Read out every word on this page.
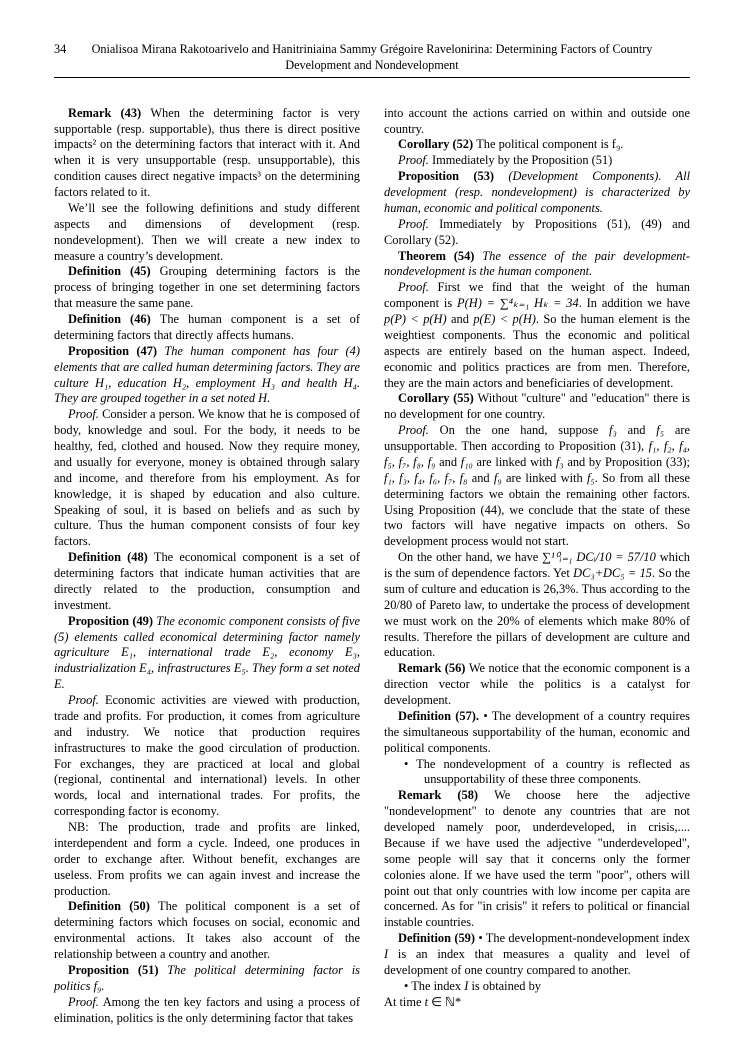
34	Onialisoa Mirana Rakotoarivelo and Hanitriniaina Sammy Grégoire Ravelonirina: Determining Factors of Country
Development and Nondevelopment

Remark (43) When the determining factor is very supportable (resp. supportable), thus there is direct positive impacts² on the determining factors that interact with it. And when it is very unsupportable (resp. unsupportable), this condition causes direct negative impacts³ on the determining factors related to it.

We’ll see the following definitions and study different aspects and dimensions of development (resp. nondevelopment). Then we will create a new index to measure a country’s development.

Definition (45) Grouping determining factors is the process of bringing together in one set determining factors that measure the same pane.

Definition (46) The human component is a set of determining factors that directly affects humans.

Proposition (47) The human component has four (4) elements that are called human determining factors. They are culture H₁, education H₂, employment H₃ and health H₄. They are grouped together in a set noted H.

Proof. Consider a person. We know that he is composed of body, knowledge and soul. For the body, it needs to be healthy, fed, clothed and housed. Now they require money, and usually for everyone, money is obtained through salary and income, and therefore from his employment. As for knowledge, it is shaped by education and also culture. Speaking of soul, it is based on beliefs and as such by culture. Thus the human component consists of four key factors.

Definition (48) The economical component is a set of determining factors that indicate human activities that are directly related to the production, consumption and investment.

Proposition (49) The economic component consists of five (5) elements called economical determining factor namely agriculture E₁, international trade E₂, economy E₃, industrialization E₄, infrastructures E₅. They form a set noted E.

Proof. Economic activities are viewed with production, trade and profits. For production, it comes from agriculture and industry. We notice that production requires infrastructures to make the good circulation of production. For exchanges, they are practiced at local and global (regional, continental and international) levels. In other words, local and international trades. For profits, the corresponding factor is economy.

NB: The production, trade and profits are linked, interdependent and form a cycle. Indeed, one produces in order to exchange after. Without benefit, exchanges are useless. From profits we can again invest and increase the production.

Definition (50) The political component is a set of determining factors which focuses on social, economic and environmental actions. It takes also account of the relationship between a country and another.

Proposition (51) The political determining factor is politics f₉.

Proof. Among the ten key factors and using a process of elimination, politics is the only determining factor that takes

into account the actions carried on within and outside one country.

Corollary (52) The political component is f₉.

Proof. Immediately by the Proposition (51)

Proposition (53) (Development Components). All development (resp. nondevelopment) is characterized by human, economic and political components.

Proof. Immediately by Propositions (51), (49) and Corollary (52).

Theorem (54) The essence of the pair development-nondevelopment is the human component.

Proof. First we find that the weight of the human component is P(H) = ∑⁴ₖ₌₁ Hₖ = 34. In addition we have p(P) < p(H) and p(E) < p(H). So the human element is the weightiest components. Thus the economic and political aspects are entirely based on the human aspect. Indeed, economic and politics practices are from men. Therefore, they are the main actors and beneficiaries of development.

Corollary (55) Without "culture" and "education" there is no development for one country.

Proof. On the one hand, suppose f₃ and f₅ are unsupportable. Then according to Proposition (31), f₁, f₂, f₄, f₅, f₇, f₈, f₉ and f₁₀ are linked with f₃ and by Proposition (33); f₁, f₃, f₄, f₆, f₇, f₈ and f₉ are linked with f₅. So from all these determining factors we obtain the remaining other factors. Using Proposition (44), we conclude that the state of these two factors will have negative impacts on others. So development process would not start.

On the other hand, we have ∑¹⁰ᵢ₌₁ DCᵢ/10 = 57/10 which is the sum of dependence factors. Yet DC₃+DC₅ = 15. So the sum of culture and education is 26,3%. Thus according to the 20/80 of Pareto law, to undertake the process of development we must work on the 20% of elements which make 80% of results. Therefore the pillars of development are culture and education.

Remark (56) We notice that the economic component is a direction vector while the politics is a catalyst for development.

Definition (57). • The development of a country requires the simultaneous supportability of the human, economic and political components.

• The nondevelopment of a country is reflected as unsupportability of these three components.

Remark (58) We choose here the adjective "nondevelopment" to denote any countries that are not developed namely poor, underdeveloped, in crisis,.... Because if we have used the adjective "underdeveloped", some people will say that it concerns only the former colonies alone. If we have used the term "poor", others will point out that only countries with low income per capita are concerned. As for "in crisis" it refers to political or financial instable countries.

Definition (59) • The development-nondevelopment index I is an index that measures a quality and level of development of one country compared to another.

• The index I is obtained by

At time t ∈ ℕ*
